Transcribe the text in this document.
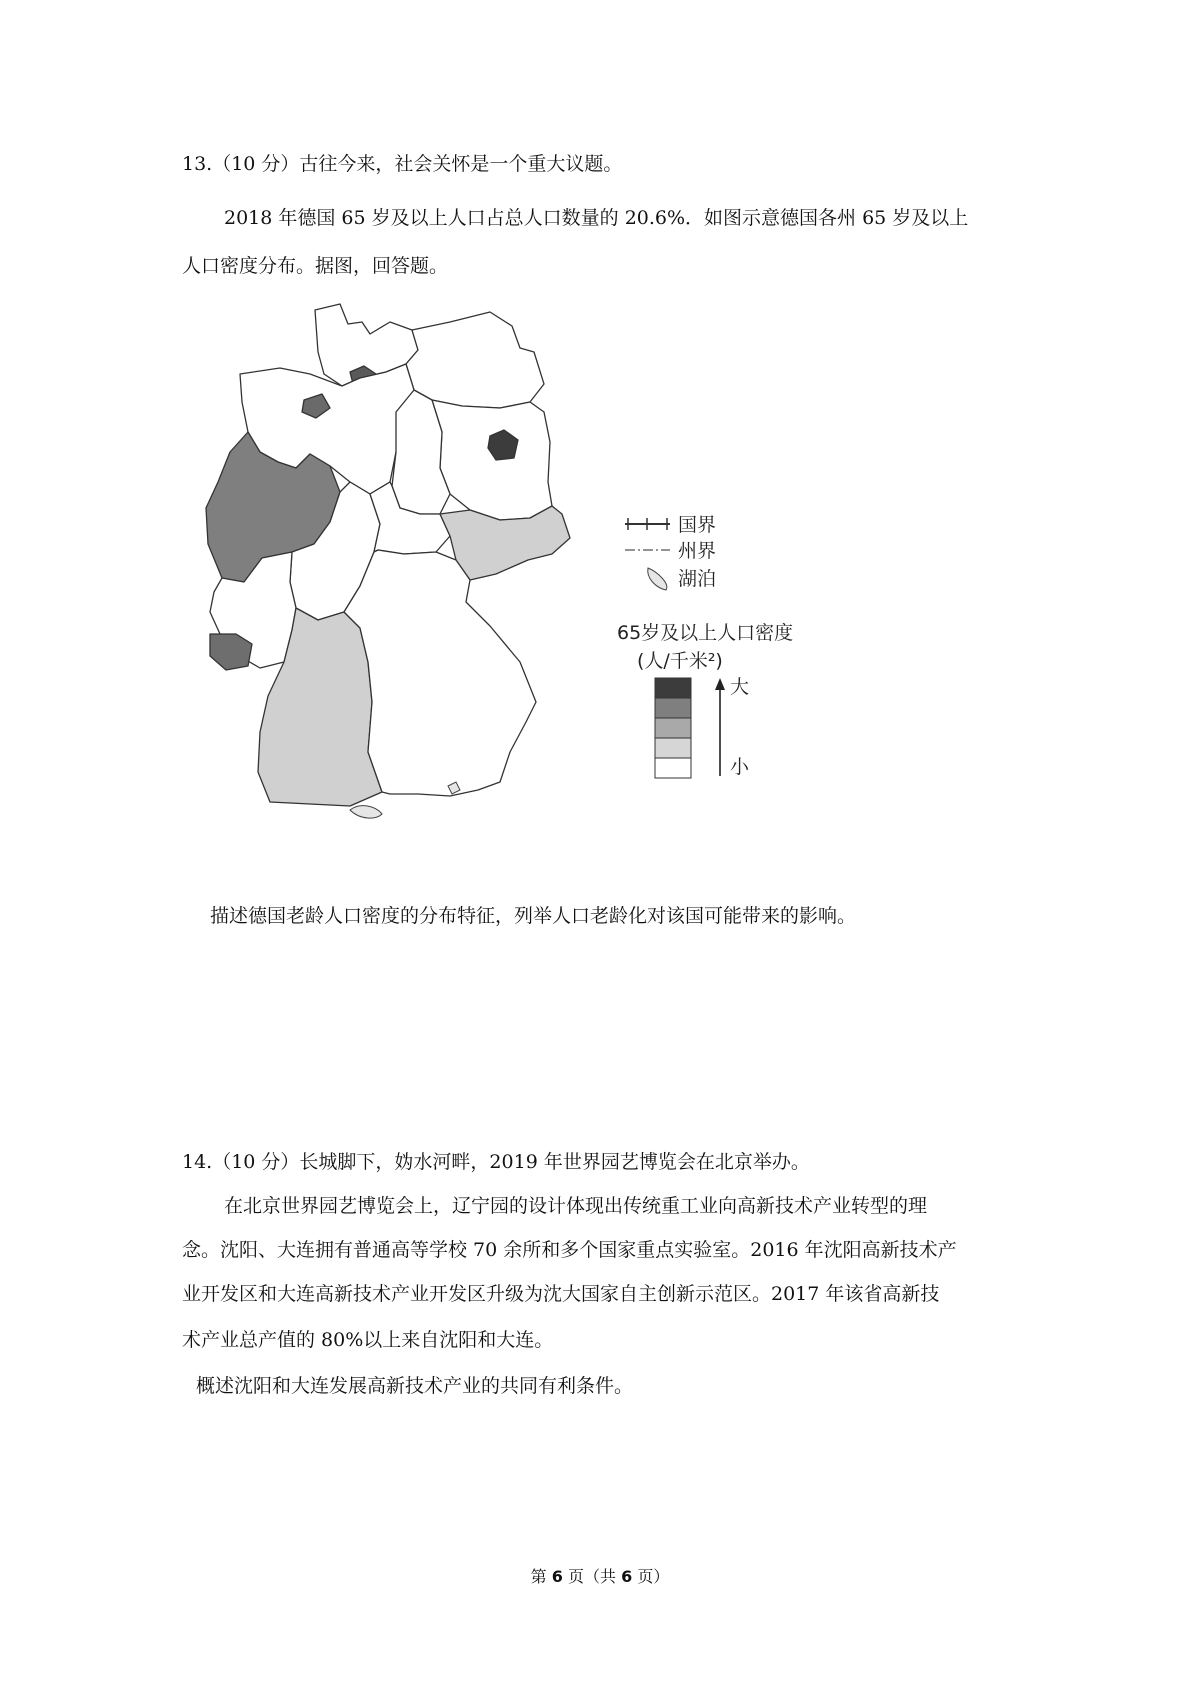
13.（10 分）古往今来，社会关怀是一个重大议题。
2018 年德国 65 岁及以上人口占总人口数量的 20.6%．如图示意德国各州 65 岁及以上
人口密度分布。据图，回答题。
国界
州界
湖泊
65岁及以上人口密度
(人/千米²)
大
小
描述德国老龄人口密度的分布特征，列举人口老龄化对该国可能带来的影响。
14.（10 分）长城脚下，妫水河畔，2019 年世界园艺博览会在北京举办。
在北京世界园艺博览会上，辽宁园的设计体现出传统重工业向高新技术产业转型的理
念。沈阳、大连拥有普通高等学校 70 余所和多个国家重点实验室。2016 年沈阳高新技术产
业开发区和大连高新技术产业开发区升级为沈大国家自主创新示范区。2017 年该省高新技
术产业总产值的 80%以上来自沈阳和大连。
概述沈阳和大连发展高新技术产业的共同有利条件。
第 6 页（共 6 页）
